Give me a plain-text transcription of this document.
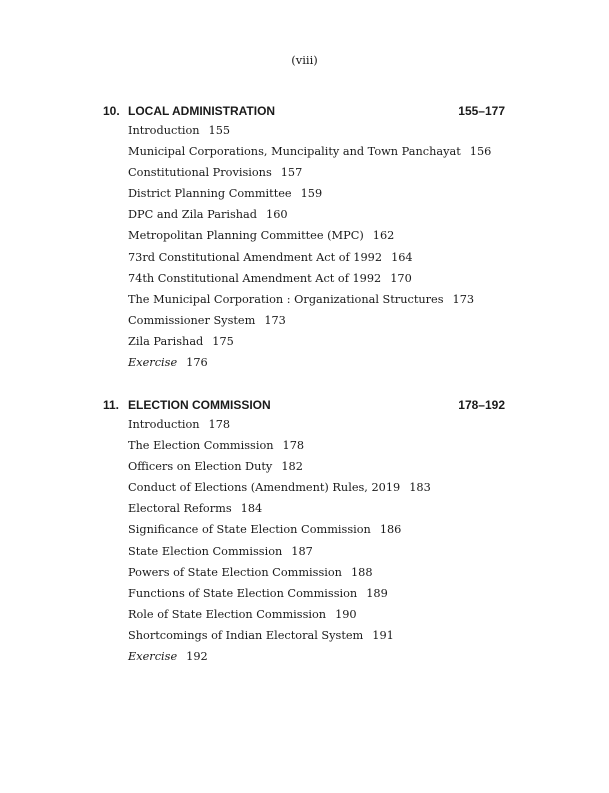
(viii)
10. LOCAL ADMINISTRATION	155–177
Introduction 155
Municipal Corporations, Muncipality and Town Panchayat 156
Constitutional Provisions 157
District Planning Committee 159
DPC and Zila Parishad 160
Metropolitan Planning Committee (MPC) 162
73rd Constitutional Amendment Act of 1992 164
74th Constitutional Amendment Act of 1992 170
The Municipal Corporation : Organizational Structures 173
Commissioner System 173
Zila Parishad 175
Exercise 176
11. ELECTION COMMISSION	178–192
Introduction 178
The Election Commission 178
Officers on Election Duty 182
Conduct of Elections (Amendment) Rules, 2019 183
Electoral Reforms 184
Significance of State Election Commission 186
State Election Commission 187
Powers of State Election Commission 188
Functions of State Election Commission 189
Role of State Election Commission 190
Shortcomings of Indian Electoral System 191
Exercise 192
